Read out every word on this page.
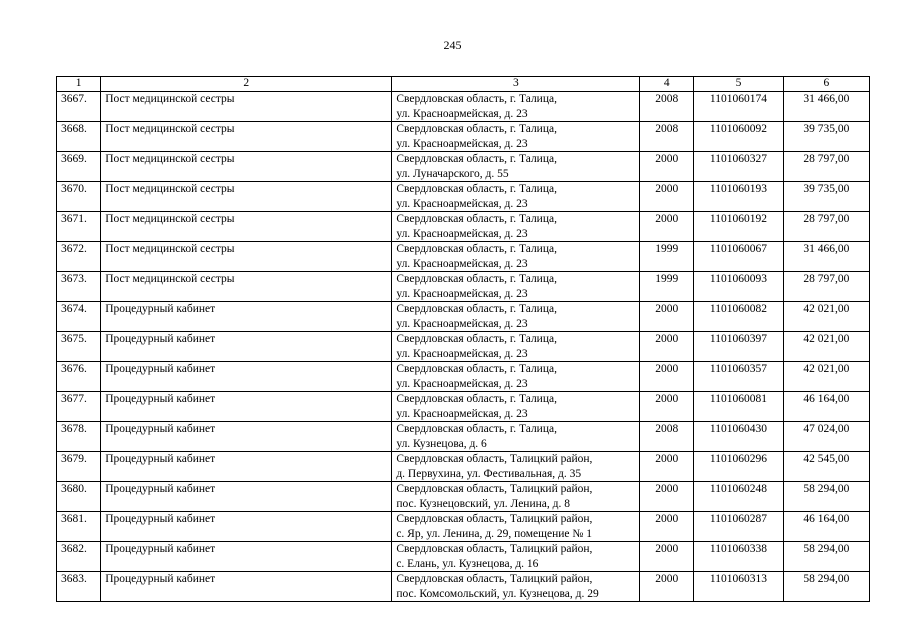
245
1	2	3	4	5	6
3667.	Пост медицинской сестры	Свердловская область, г. Талица,
ул. Красноармейская, д. 23	2008	1101060174	31 466,00
3668.	Пост медицинской сестры	Свердловская область, г. Талица,
ул. Красноармейская, д. 23	2008	1101060092	39 735,00
3669.	Пост медицинской сестры	Свердловская область, г. Талица,
ул. Луначарского, д. 55	2000	1101060327	28 797,00
3670.	Пост медицинской сестры	Свердловская область, г. Талица,
ул. Красноармейская, д. 23	2000	1101060193	39 735,00
3671.	Пост медицинской сестры	Свердловская область, г. Талица,
ул. Красноармейская, д. 23	2000	1101060192	28 797,00
3672.	Пост медицинской сестры	Свердловская область, г. Талица,
ул. Красноармейская, д. 23	1999	1101060067	31 466,00
3673.	Пост медицинской сестры	Свердловская область, г. Талица,
ул. Красноармейская, д. 23	1999	1101060093	28 797,00
3674.	Процедурный кабинет	Свердловская область, г. Талица,
ул. Красноармейская, д. 23	2000	1101060082	42 021,00
3675.	Процедурный кабинет	Свердловская область, г. Талица,
ул. Красноармейская, д. 23	2000	1101060397	42 021,00
3676.	Процедурный кабинет	Свердловская область, г. Талица,
ул. Красноармейская, д. 23	2000	1101060357	42 021,00
3677.	Процедурный кабинет	Свердловская область, г. Талица,
ул. Красноармейская, д. 23	2000	1101060081	46 164,00
3678.	Процедурный кабинет	Свердловская область, г. Талица,
ул. Кузнецова, д. 6	2008	1101060430	47 024,00
3679.	Процедурный кабинет	Свердловская область, Талицкий район,
д. Первухина, ул. Фестивальная, д. 35	2000	1101060296	42 545,00
3680.	Процедурный кабинет	Свердловская область, Талицкий район,
пос. Кузнецовский, ул. Ленина, д. 8	2000	1101060248	58 294,00
3681.	Процедурный кабинет	Свердловская область, Талицкий район,
с. Яр, ул. Ленина, д. 29, помещение № 1	2000	1101060287	46 164,00
3682.	Процедурный кабинет	Свердловская область, Талицкий район,
с. Елань, ул. Кузнецова, д. 16	2000	1101060338	58 294,00
3683.	Процедурный кабинет	Свердловская область, Талицкий район,
пос. Комсомольский, ул. Кузнецова, д. 29	2000	1101060313	58 294,00
